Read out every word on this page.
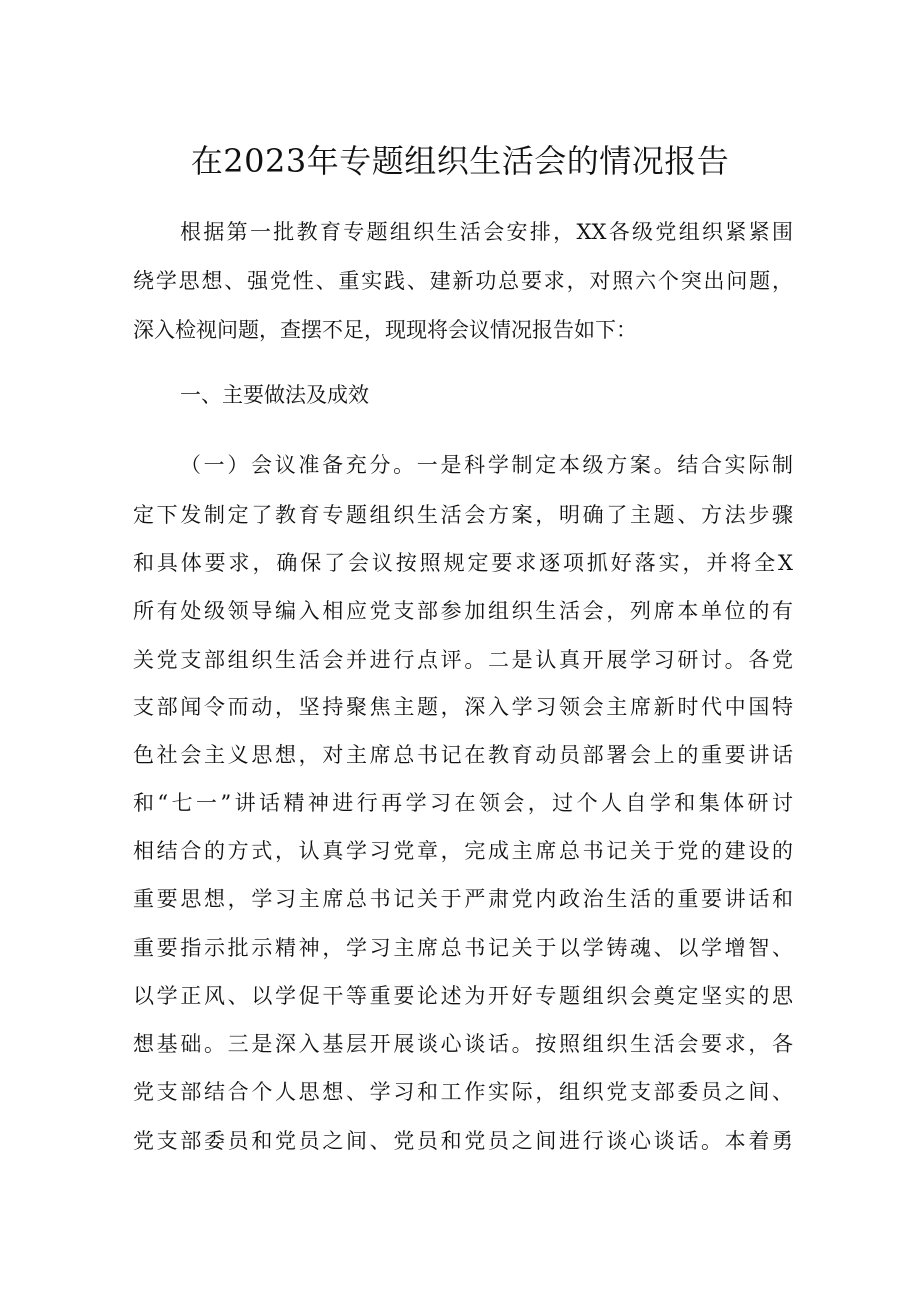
在2023年专题组织生活会的情况报告
根据第一批教育专题组织生活会安排，XX各级党组织紧紧围
绕学思想、强党性、重实践、建新功总要求，对照六个突出问题，
深入检视问题，查摆不足，现现将会议情况报告如下：
一、主要做法及成效
（一）会议准备充分。一是科学制定本级方案。结合实际制
定下发制定了教育专题组织生活会方案，明确了主题、方法步骤
和具体要求，确保了会议按照规定要求逐项抓好落实，并将全X
所有处级领导编入相应党支部参加组织生活会，列席本单位的有
关党支部组织生活会并进行点评。二是认真开展学习研讨。各党
支部闻令而动，坚持聚焦主题，深入学习领会主席新时代中国特
色社会主义思想，对主席总书记在教育动员部署会上的重要讲话
和“七一”讲话精神进行再学习在领会，过个人自学和集体研讨
相结合的方式，认真学习党章，完成主席总书记关于党的建设的
重要思想，学习主席总书记关于严肃党内政治生活的重要讲话和
重要指示批示精神，学习主席总书记关于以学铸魂、以学增智、
以学正风、以学促干等重要论述为开好专题组织会奠定坚实的思
想基础。三是深入基层开展谈心谈话。按照组织生活会要求，各
党支部结合个人思想、学习和工作实际，组织党支部委员之间、
党支部委员和党员之间、党员和党员之间进行谈心谈话。本着勇
